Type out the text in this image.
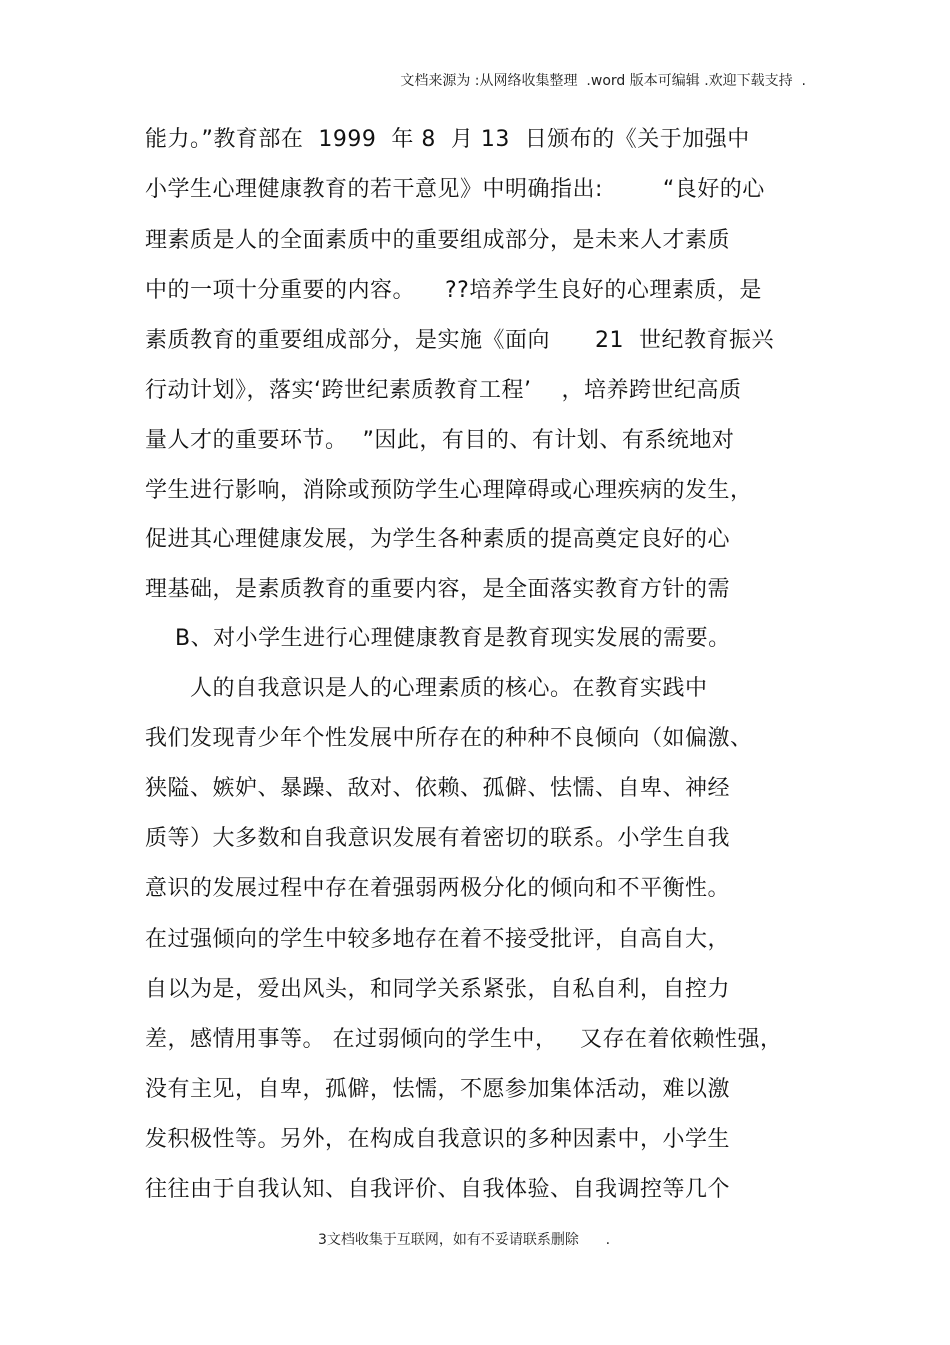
文档来源为 :从网络收集整理  .word 版本可编辑 .欢迎下载支持  .
能力。”教育部在  1999  年 8  月 13  日颁布的《关于加强中
小学生心理健康教育的若干意见》中明确指出:        “良好的心
理素质是人的全面素质中的重要组成部分，是未来人才素质
中的一项十分重要的内容。    ??培养学生良好的心理素质，是
素质教育的重要组成部分，是实施《面向      21  世纪教育振兴
行动计划》，落实‘跨世纪素质教育工程’    ，培养跨世纪高质
量人才的重要环节。  ”因此，有目的、有计划、有系统地对
学生进行影响，消除或预防学生心理障碍或心理疾病的发生，
促进其心理健康发展，为学生各种素质的提高奠定良好的心
理基础，是素质教育的重要内容，是全面落实教育方针的需
B、对小学生进行心理健康教育是教育现实发展的需要。
人的自我意识是人的心理素质的核心。在教育实践中
我们发现青少年个性发展中所存在的种种不良倾向（如偏激、
狭隘、嫉妒、暴躁、敌对、依赖、孤僻、怯懦、自卑、神经
质等）大多数和自我意识发展有着密切的联系。小学生自我
意识的发展过程中存在着强弱两极分化的倾向和不平衡性。
在过强倾向的学生中较多地存在着不接受批评，自高自大，
自以为是，爱出风头，和同学关系紧张，自私自利，自控力
差，感情用事等。 在过弱倾向的学生中，   又存在着依赖性强，
没有主见，自卑，孤僻，怯懦，不愿参加集体活动，难以激
发积极性等。另外，在构成自我意识的多种因素中，小学生
往往由于自我认知、自我评价、自我体验、自我调控等几个
3文档收集于互联网，如有不妥请联系删除      .
